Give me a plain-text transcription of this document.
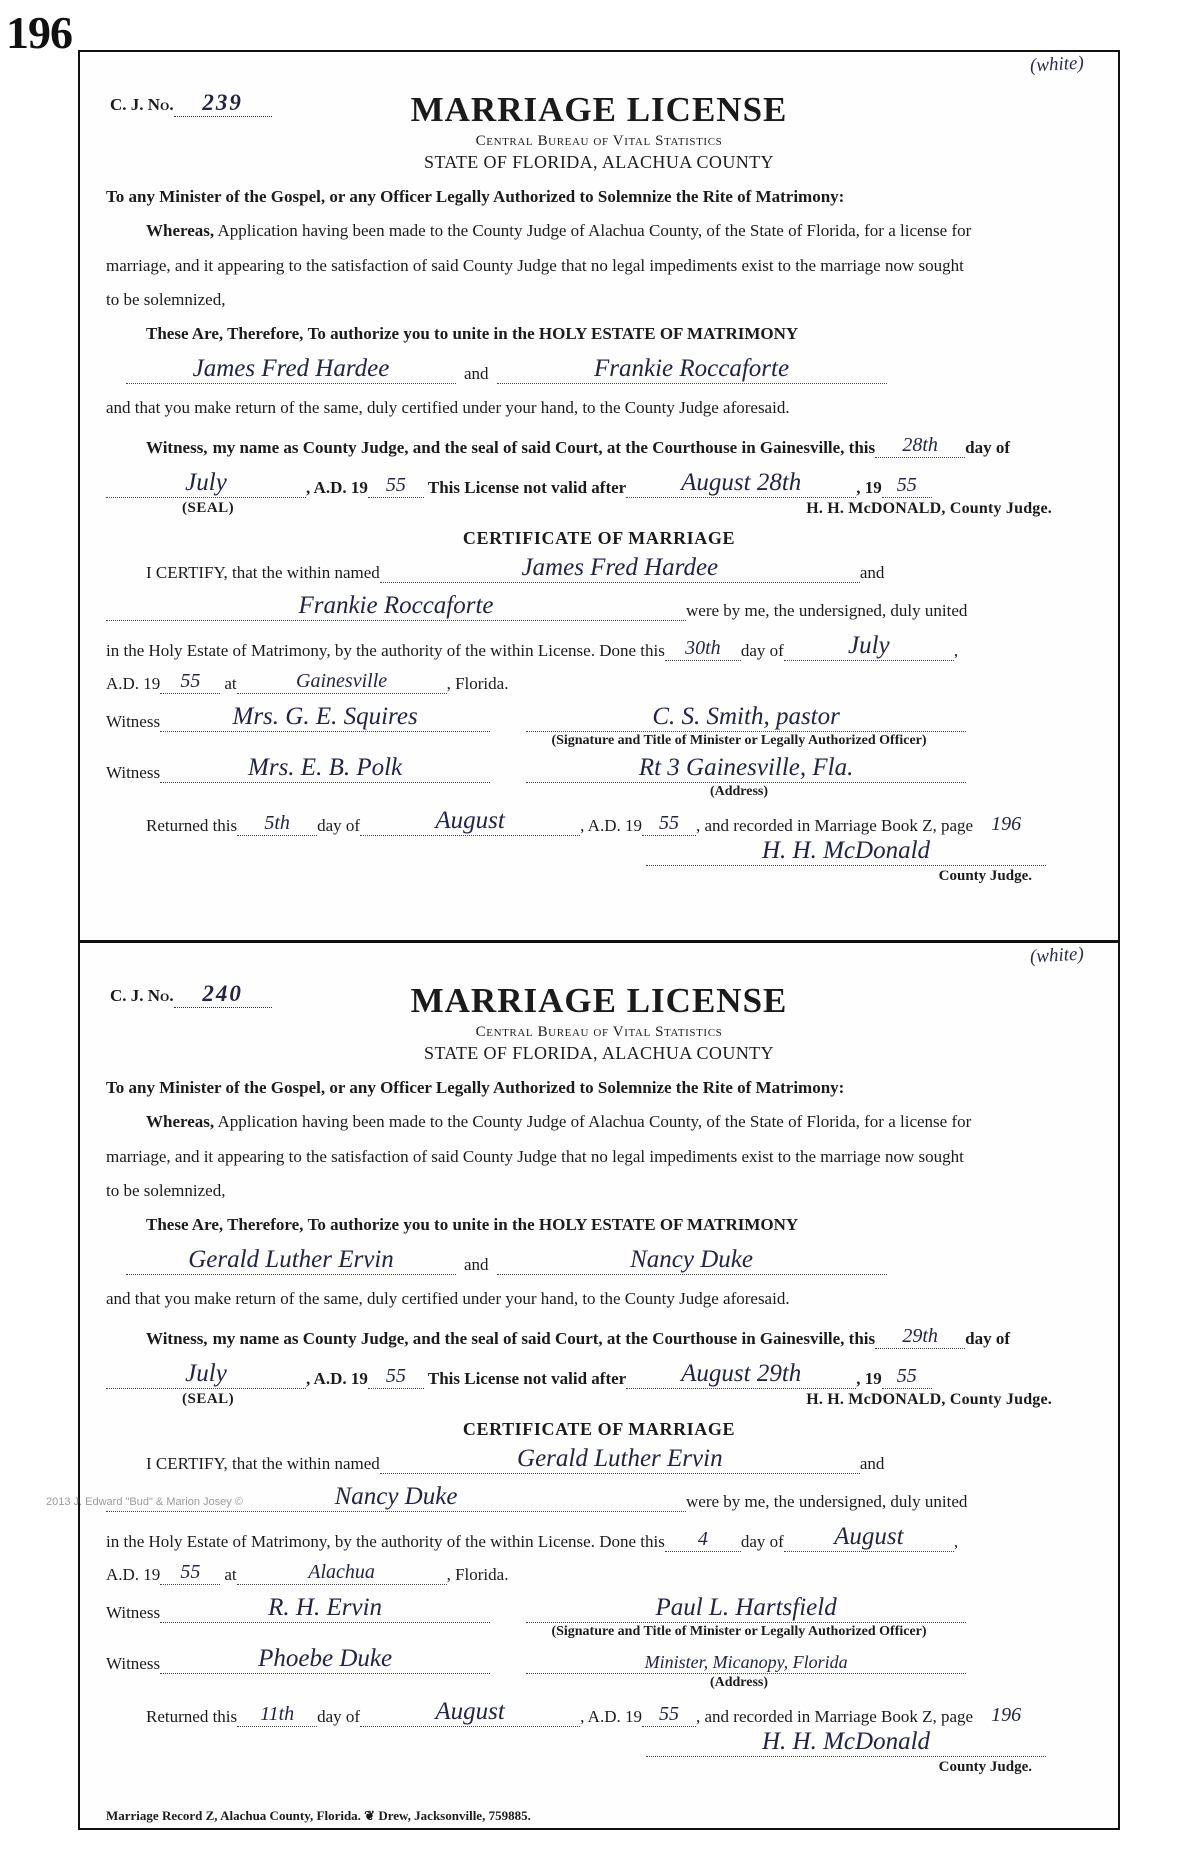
196
(white)
C. J. No. 239	MARRIAGE LICENSE
Central Bureau of Vital Statistics
STATE OF FLORIDA, ALACHUA COUNTY
To any Minister of the Gospel, or any Officer Legally Authorized to Solemnize the Rite of Matrimony:
Whereas, Application having been made to the County Judge of Alachua County, of the State of Florida, for a license for
marriage, and it appearing to the satisfaction of said County Judge that no legal impediments exist to the marriage now sought
to be solemnized,
These Are, Therefore, To authorize you to unite in the HOLY ESTATE OF MATRIMONY
James Fred Hardee	and	Frankie Roccaforte
and that you make return of the same, duly certified under your hand, to the County Judge aforesaid.
Witness, my name as County Judge, and the seal of said Court, at the Courthouse in Gainesville, this	28th	day of
July	, A.D. 19 55	This License not valid after	August 28th	, 19 55
(SEAL)	H. H. McDONALD, County Judge.
CERTIFICATE OF MARRIAGE
I CERTIFY, that the within named	James Fred Hardee	and
Frankie Roccaforte	were by me, the undersigned, duly united
in the Holy Estate of Matrimony, by the authority of the within License. Done this	30th	day of	July	,
A.D. 19	55	at	Gainesville	, Florida.
Witness	Mrs. G. E. Squires	C. S. Smith, pastor
(Signature and Title of Minister or Legally Authorized Officer)
Witness	Mrs. E. B. Polk	Rt 3 Gainesville, Fla.
(Address)
Returned this	5th	day of	August	, A.D. 19 55	, and recorded in Marriage Book Z, page 196
H. H. McDonald
County Judge.
(white)
C. J. No. 240	MARRIAGE LICENSE
Central Bureau of Vital Statistics
STATE OF FLORIDA, ALACHUA COUNTY
To any Minister of the Gospel, or any Officer Legally Authorized to Solemnize the Rite of Matrimony:
Whereas, Application having been made to the County Judge of Alachua County, of the State of Florida, for a license for
marriage, and it appearing to the satisfaction of said County Judge that no legal impediments exist to the marriage now sought
to be solemnized,
These Are, Therefore, To authorize you to unite in the HOLY ESTATE OF MATRIMONY
Gerald Luther Ervin	and	Nancy Duke
and that you make return of the same, duly certified under your hand, to the County Judge aforesaid.
Witness, my name as County Judge, and the seal of said Court, at the Courthouse in Gainesville, this	29th	day of
July	, A.D. 19 55	This License not valid after	August 29th	, 19 55
(SEAL)	H. H. McDONALD, County Judge.
CERTIFICATE OF MARRIAGE
I CERTIFY, that the within named	Gerald Luther Ervin	and
Nancy Duke	were by me, the undersigned, duly united
in the Holy Estate of Matrimony, by the authority of the within License. Done this	4	day of	August	,
A.D. 19	55	at	Alachua	, Florida.
Witness	R. H. Ervin	Paul L. Hartsfield
(Signature and Title of Minister or Legally Authorized Officer)
Witness	Phoebe Duke	Minister, Micanopy, Florida
(Address)
Returned this	11th	day of	August	, A.D. 19 55	, and recorded in Marriage Book Z, page 196
H. H. McDonald
County Judge.
Marriage Record Z, Alachua County, Florida. ❦ Drew, Jacksonville, 759885.
2013 J. Edward "Bud" & Marion Josey ©
